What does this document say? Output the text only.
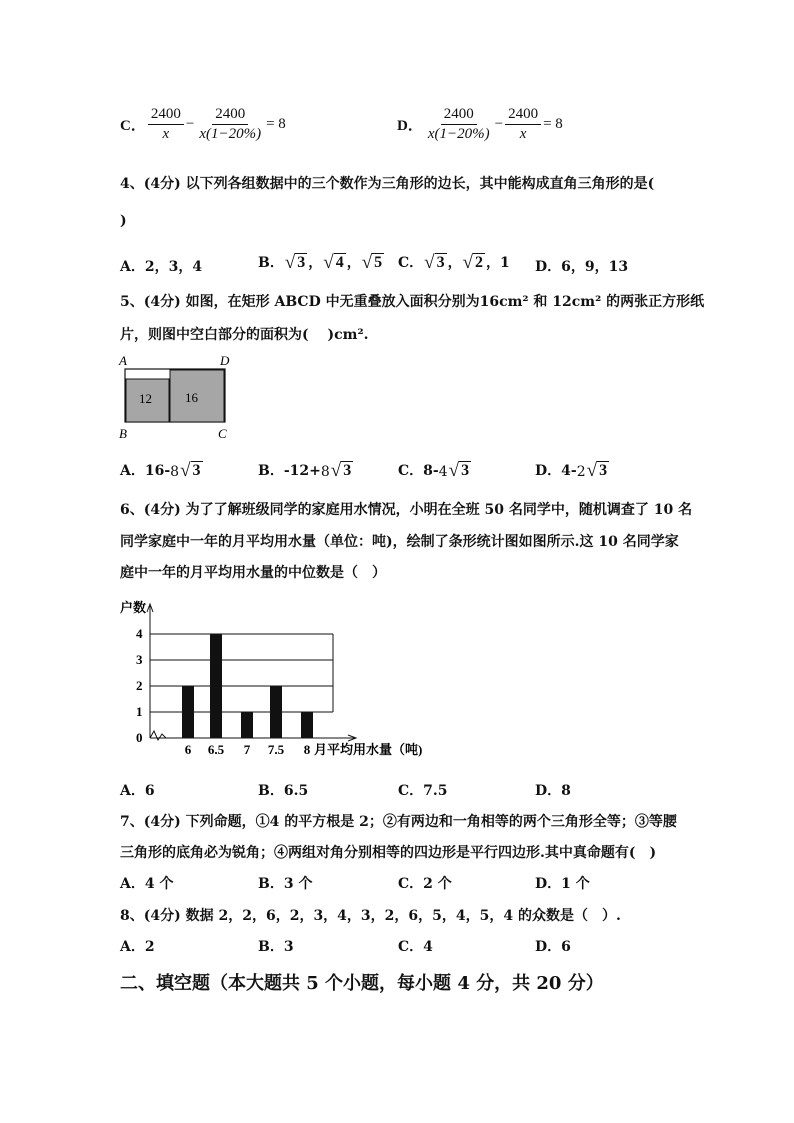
C． $\frac{2400}{x} - \frac{2400}{x(1-20\%)} = 8$	D． $\frac{2400}{x(1-20\%)} - \frac{2400}{x} = 8$
4、(4分) 以下列各组数据中的三个数作为三角形的边长，其中能构成直角三角形的是(
)
A．2，3，4	B． √ 3 ， √ 4 ， √ 5 C． √ 3 ， √ 2 ，1 D．6，9，13
5、(4分) 如图，在矩形 ABCD 中无重叠放入面积分别为16cm² 和 12cm² 的两张正方形纸
片，则图中空白部分的面积为(　 )cm².
A	D
B	C
12	16
A．16- 8 √ 3	B．-12+ 8 √ 3	C．8- 4 √ 3	D．4- 2 √ 3
6、(4分) 为了了解班级同学的家庭用水情况，小明在全班 50 名同学中，随机调查了 10 名
同学家庭中一年的月平均用水量（单位：吨)，绘制了条形统计图如图所示.这 10 名同学家
庭中一年的月平均用水量的中位数是（　）
0
1
2
3
4
户数
6 6.5 7 7.5 8 月平均用水量（吨)
A．6	B．6.5	C．7.5	D．8
7、(4分) 下列命题，①4 的平方根是 2；②有两边和一角相等的两个三角形全等；③等腰
三角形的底角必为锐角；④两组对角分别相等的四边形是平行四边形.其中真命题有(　)
A．4 个	B．3 个	C．2 个	D．1 个
8、(4分) 数据 2，2，6，2，3，4，3，2，6，5，4，5，4 的众数是（　）.
A．2	B．3	C．4	D．6
二、填空题（本大题共 5 个小题，每小题 4 分，共 20 分）
